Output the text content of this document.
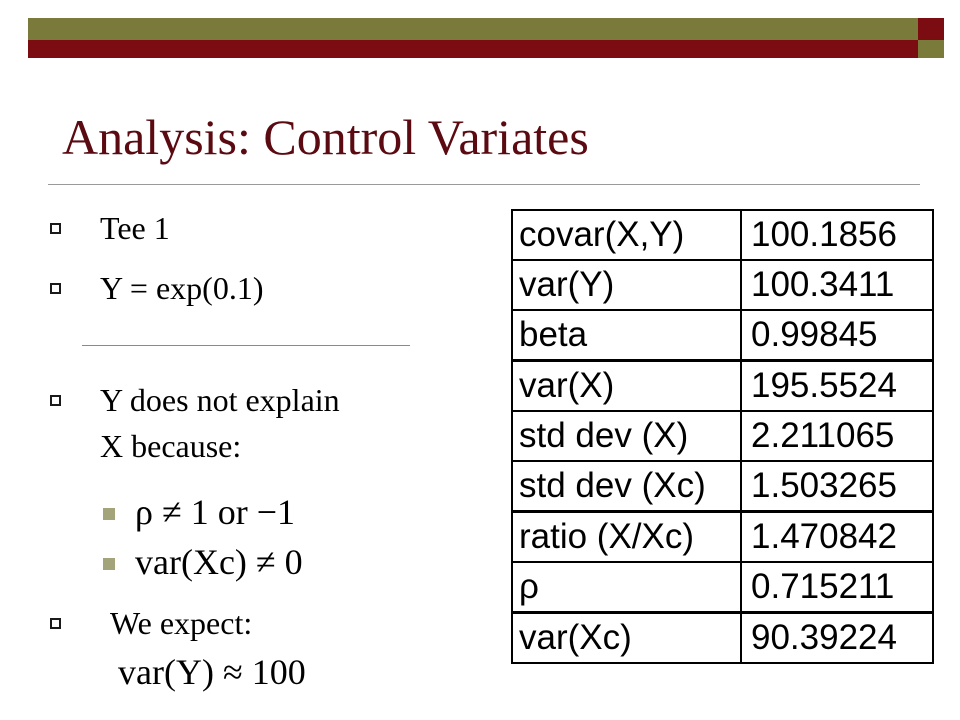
Analysis: Control Variates
Tee 1
Y = exp(0.1)
Y does not explain
X because:
ρ ≠ 1 or −1
var(Xc) ≠ 0
We expect:
var(Y) ≈ 100
covar(X,Y)	100.1856
var(Y)	100.3411
beta	0.99845
var(X)	195.5524
std dev (X)	2.211065
std dev (Xc)	1.503265
ratio (X/Xc)	1.470842
ρ	0.715211
var(Xc)	90.39224
